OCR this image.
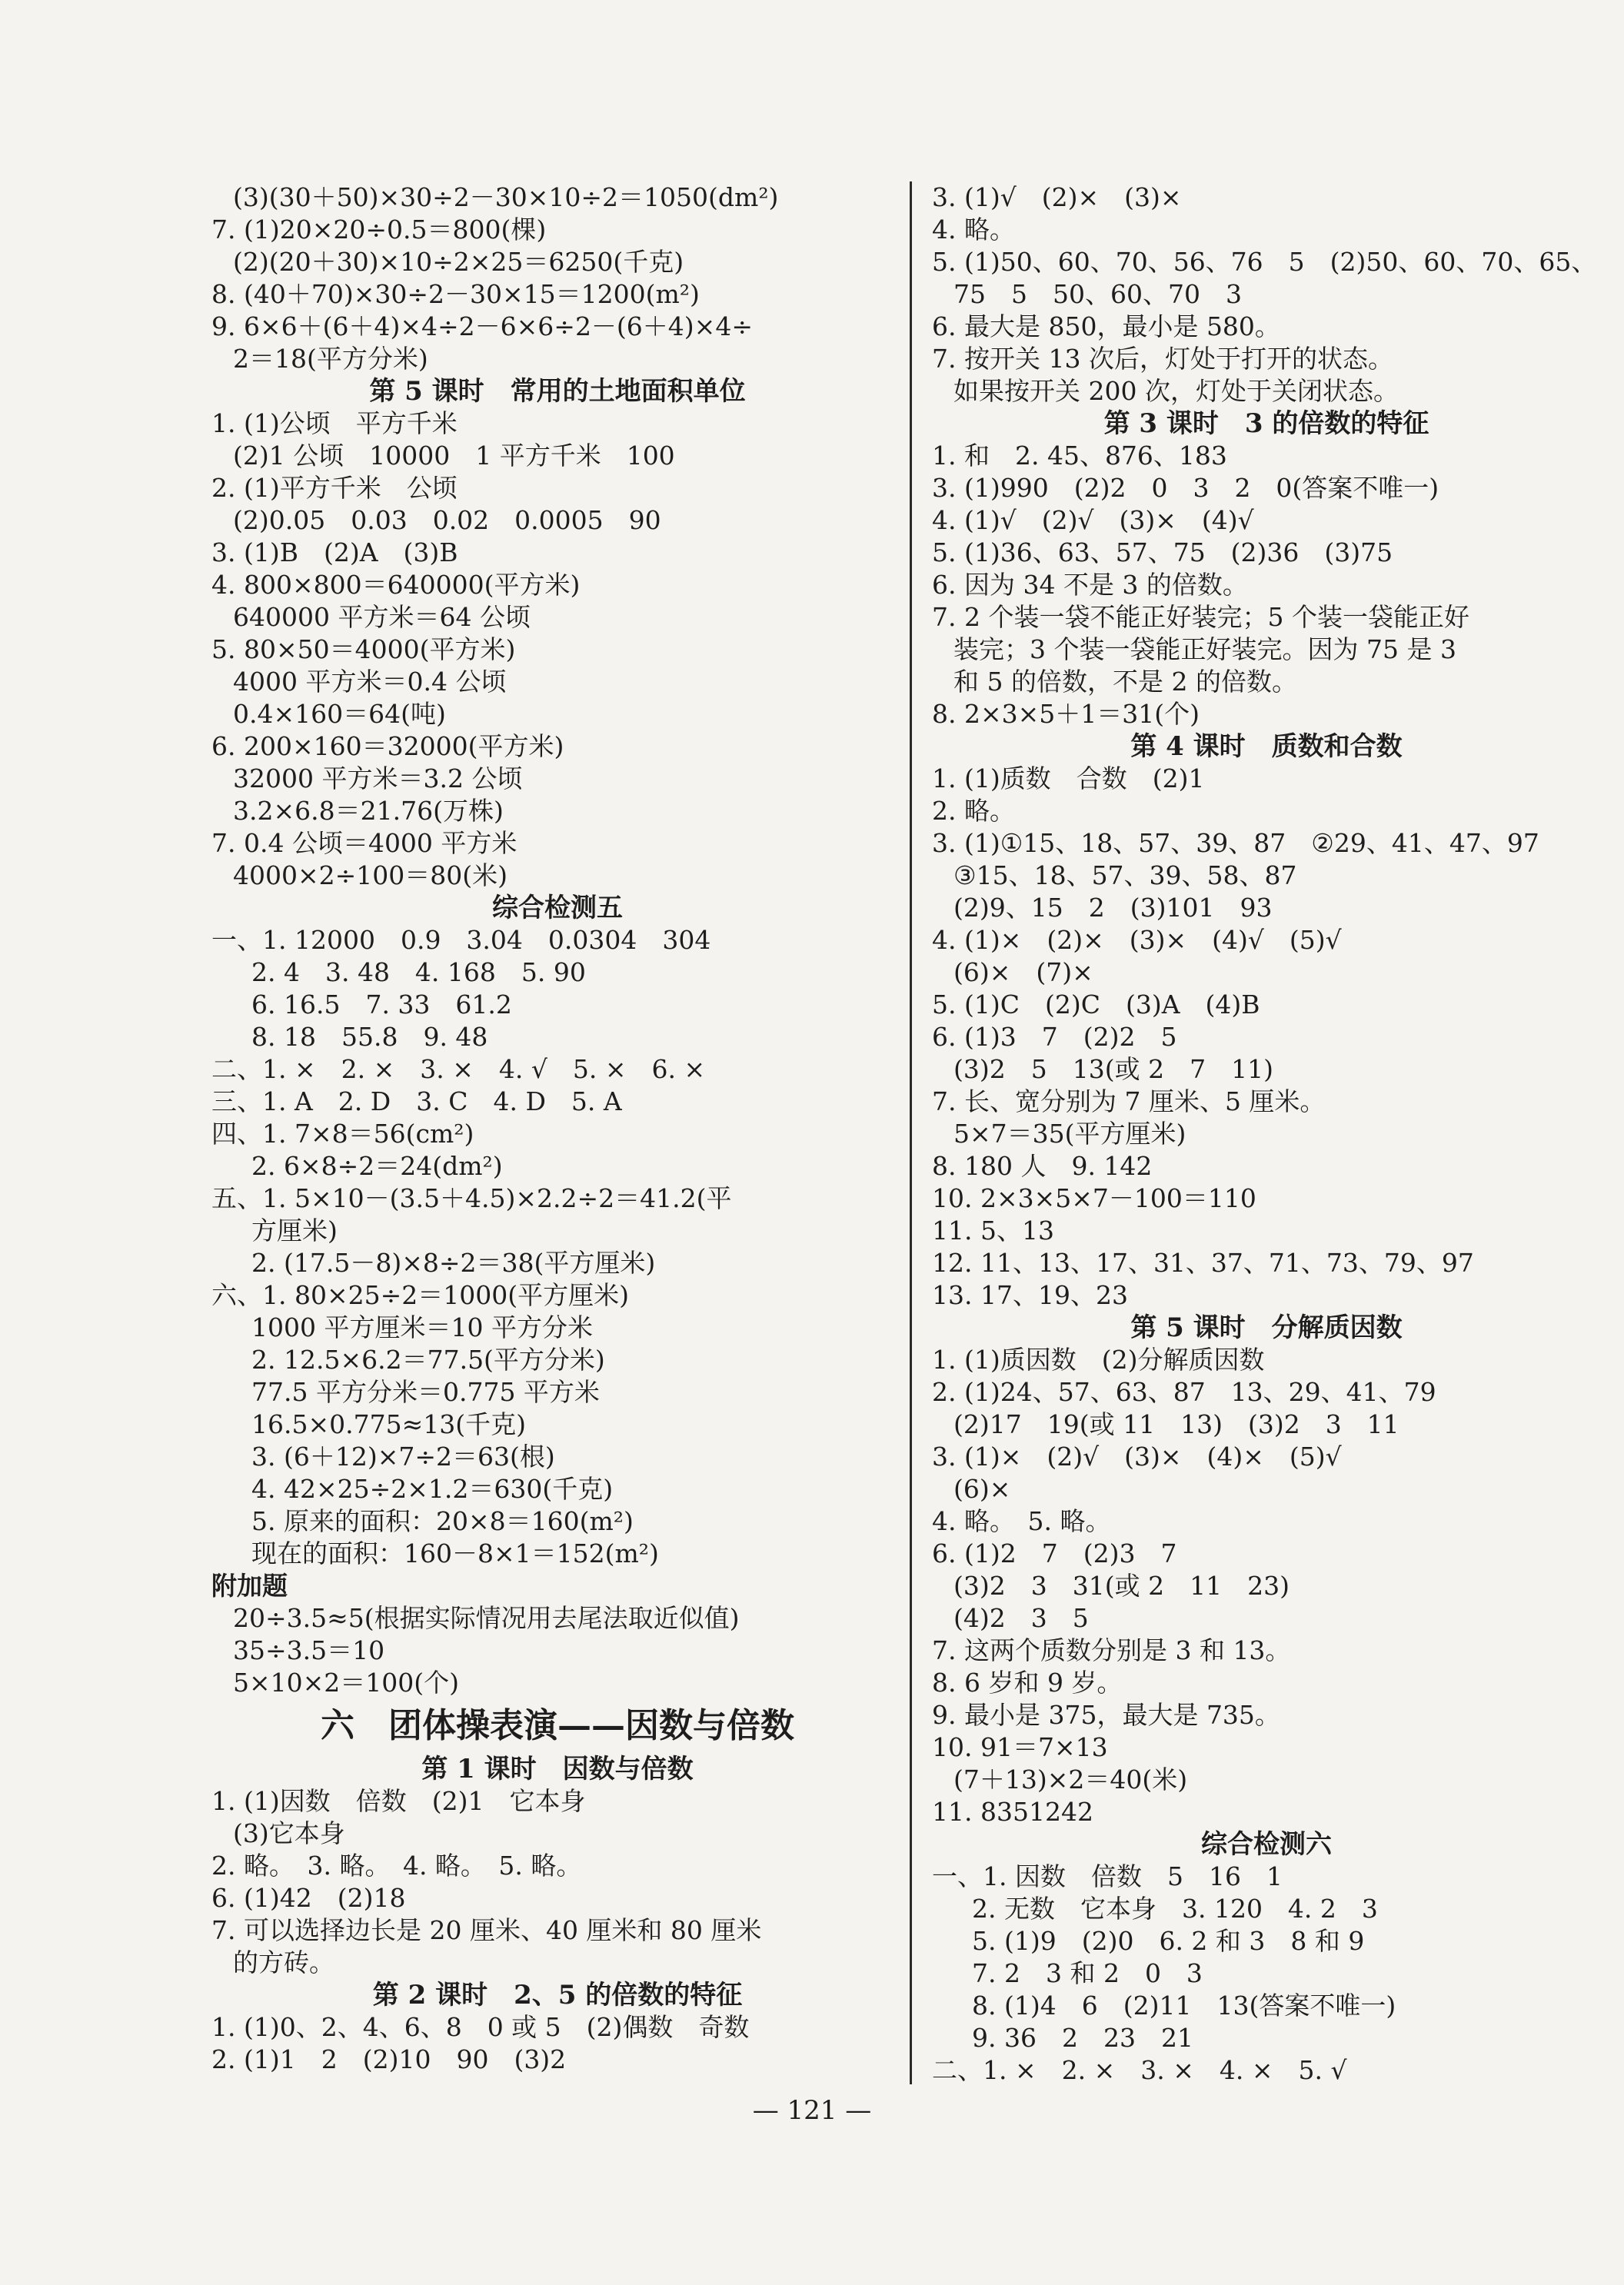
(3)(30＋50)×30÷2－30×10÷2＝1050(dm²)
7. (1)20×20÷0.5＝800(棵)
(2)(20＋30)×10÷2×25＝6250(千克)
8. (40＋70)×30÷2－30×15＝1200(m²)
9. 6×6＋(6＋4)×4÷2－6×6÷2－(6＋4)×4÷
2＝18(平方分米)
第 5 课时　常用的土地面积单位
1. (1)公顷　平方千米
(2)1 公顷　10000　1 平方千米　100
2. (1)平方千米　公顷
(2)0.05　0.03　0.02　0.0005　90
3. (1)B　(2)A　(3)B
4. 800×800＝640000(平方米)
640000 平方米＝64 公顷
5. 80×50＝4000(平方米)
4000 平方米＝0.4 公顷
0.4×160＝64(吨)
6. 200×160＝32000(平方米)
32000 平方米＝3.2 公顷
3.2×6.8＝21.76(万株)
7. 0.4 公顷＝4000 平方米
4000×2÷100＝80(米)
综合检测五
一、1. 12000　0.9　3.04　0.0304　304
2. 4　3. 48　4. 168　5. 90
6. 16.5　7. 33　61.2
8. 18　55.8　9. 48
二、1. ×　2. ×　3. ×　4. √　5. ×　6. ×
三、1. A　2. D　3. C　4. D　5. A
四、1. 7×8＝56(cm²)
2. 6×8÷2＝24(dm²)
五、1. 5×10－(3.5＋4.5)×2.2÷2＝41.2(平
方厘米)
2. (17.5－8)×8÷2＝38(平方厘米)
六、1. 80×25÷2＝1000(平方厘米)
1000 平方厘米＝10 平方分米
2. 12.5×6.2＝77.5(平方分米)
77.5 平方分米＝0.775 平方米
16.5×0.775≈13(千克)
3. (6＋12)×7÷2＝63(根)
4. 42×25÷2×1.2＝630(千克)
5. 原来的面积：20×8＝160(m²)
现在的面积：160－8×1＝152(m²)
附加题
20÷3.5≈5(根据实际情况用去尾法取近似值)
35÷3.5＝10
5×10×2＝100(个)
六　团体操表演——因数与倍数
第 1 课时　因数与倍数
1. (1)因数　倍数　(2)1　它本身
(3)它本身
2. 略。　3. 略。　4. 略。　5. 略。
6. (1)42　(2)18
7. 可以选择边长是 20 厘米、40 厘米和 80 厘米
的方砖。
第 2 课时　2、5 的倍数的特征
1. (1)0、2、4、6、8　0 或 5　(2)偶数　奇数
2. (1)1　2　(2)10　90　(3)2
3. (1)√　(2)×　(3)×
4. 略。
5. (1)50、60、70、56、76　5　(2)50、60、70、65、
75　5　50、60、70　3
6. 最大是 850，最小是 580。
7. 按开关 13 次后，灯处于打开的状态。
如果按开关 200 次，灯处于关闭状态。
第 3 课时　3 的倍数的特征
1. 和　2. 45、876、183
3. (1)990　(2)2　0　3　2　0(答案不唯一)
4. (1)√　(2)√　(3)×　(4)√
5. (1)36、63、57、75　(2)36　(3)75
6. 因为 34 不是 3 的倍数。
7. 2 个装一袋不能正好装完；5 个装一袋能正好
装完；3 个装一袋能正好装完。因为 75 是 3
和 5 的倍数，不是 2 的倍数。
8. 2×3×5＋1＝31(个)
第 4 课时　质数和合数
1. (1)质数　合数　(2)1
2. 略。
3. (1)①15、18、57、39、87　②29、41、47、97
③15、18、57、39、58、87
(2)9、15　2　(3)101　93
4. (1)×　(2)×　(3)×　(4)√　(5)√
(6)×　(7)×
5. (1)C　(2)C　(3)A　(4)B
6. (1)3　7　(2)2　5
(3)2　5　13(或 2　7　11)
7. 长、宽分别为 7 厘米、5 厘米。
5×7＝35(平方厘米)
8. 180 人　9. 142
10. 2×3×5×7－100＝110
11. 5、13
12. 11、13、17、31、37、71、73、79、97
13. 17、19、23
第 5 课时　分解质因数
1. (1)质因数　(2)分解质因数
2. (1)24、57、63、87　13、29、41、79
(2)17　19(或 11　13)　(3)2　3　11
3. (1)×　(2)√　(3)×　(4)×　(5)√
(6)×
4. 略。　5. 略。
6. (1)2　7　(2)3　7
(3)2　3　31(或 2　11　23)
(4)2　3　5
7. 这两个质数分别是 3 和 13。
8. 6 岁和 9 岁。
9. 最小是 375，最大是 735。
10. 91＝7×13
(7＋13)×2＝40(米)
11. 8351242
综合检测六
一、1. 因数　倍数　5　16　1
2. 无数　它本身　3. 120　4. 2　3
5. (1)9　(2)0　6. 2 和 3　8 和 9
7. 2　3 和 2　0　3
8. (1)4　6　(2)11　13(答案不唯一)
9. 36　2　23　21
二、1. ×　2. ×　3. ×　4. ×　5. √
— 121 —
